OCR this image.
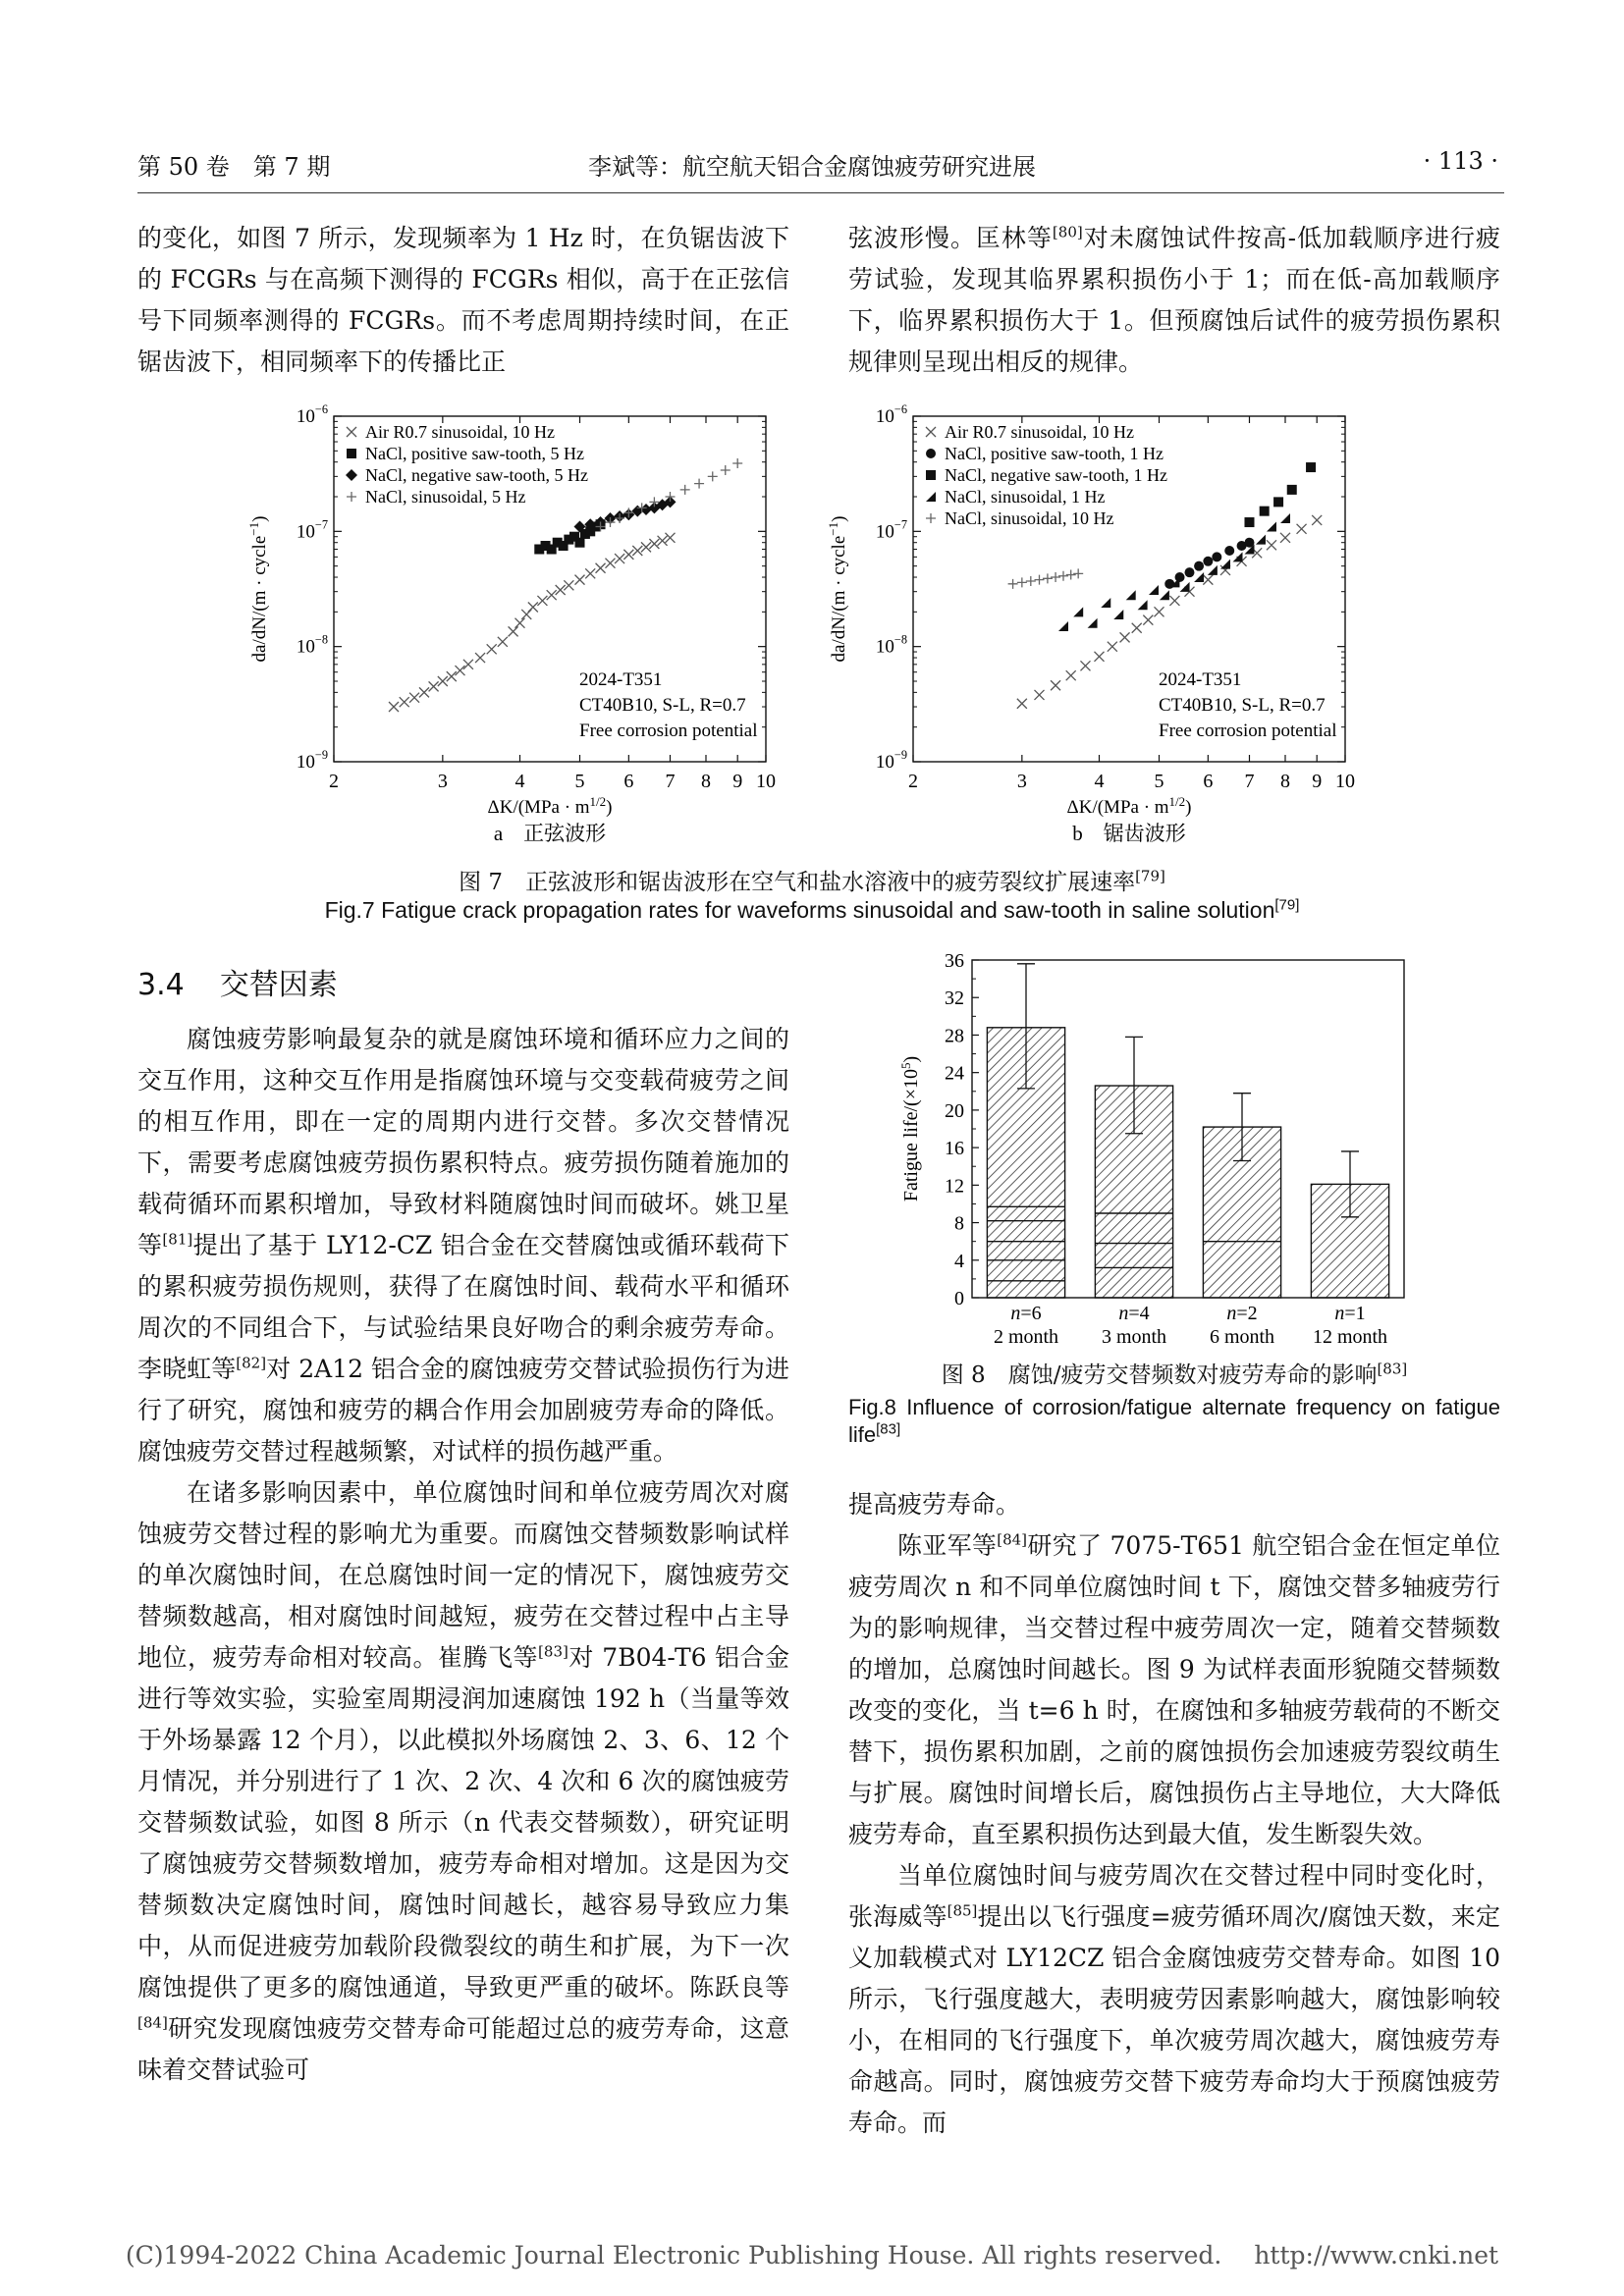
第 50 卷　第 7 期	李斌等：航空航天铝合金腐蚀疲劳研究进展	· 113 ·

的变化，如图 7 所示，发现频率为 1 Hz 时，在负锯齿波下的 FCGRs 与在高频下测得的 FCGRs 相似，高于在正弦信号下同频率测得的 FCGRs。而不考虑周期持续时间，在正锯齿波下，相同频率下的传播比正

弦波形慢。匡林等[80]对未腐蚀试件按高-低加载顺序进行疲劳试验，发现其临界累积损伤小于 1；而在低-高加载顺序下，临界累积损伤大于 1。但预腐蚀后试件的疲劳损伤累积规律则呈现出相反的规律。

2	3	4	5 6 7 8 9 10
$10^{-9}$
$10^{-8}$
$10^{-7}$
$10^{-6}$
$\Delta K/(MPa \cdot m^{1/2})$
da/dN/(m · cycle$^{-1}$)
a　正弦波形
Air R0.7 sinusoidal, 10 Hz
NaCl, positive saw-tooth, 5 Hz
NaCl, negative saw-tooth, 5 Hz
NaCl, sinusoidal, 5 Hz
2024-T351
CT40B10, S-L, R=0.7
Free corrosion potential
2	3	4	5 6 7 8 9 10
$10^{-9}$
$10^{-8}$
$10^{-7}$
$10^{-6}$
$\Delta K/(MPa \cdot m^{1/2})$
da/dN/(m · cycle$^{-1}$)
b　锯齿波形
Air R0.7 sinusoidal, 10 Hz
NaCl, positive saw-tooth, 1 Hz
NaCl, negative saw-tooth, 1 Hz
NaCl, sinusoidal, 1 Hz
NaCl, sinusoidal, 10 Hz
2024-T351
CT40B10, S-L, R=0.7
Free corrosion potential
图 7　正弦波形和锯齿波形在空气和盐水溶液中的疲劳裂纹扩展速率[79]
Fig.7 Fatigue crack propagation rates for waveforms sinusoidal and saw-tooth in saline solution[79]
3.4 交替因素

腐蚀疲劳影响最复杂的就是腐蚀环境和循环应力之间的交互作用，这种交互作用是指腐蚀环境与交变载荷疲劳之间的相互作用，即在一定的周期内进行交替。多次交替情况下，需要考虑腐蚀疲劳损伤累积特点。疲劳损伤随着施加的载荷循环而累积增加，导致材料随腐蚀时间而破坏。姚卫星等[81]提出了基于 LY12-CZ 铝合金在交替腐蚀或循环载荷下的累积疲劳损伤规则，获得了在腐蚀时间、载荷水平和循环周次的不同组合下，与试验结果良好吻合的剩余疲劳寿命。李晓虹等[82]对 2A12 铝合金的腐蚀疲劳交替试验损伤行为进行了研究，腐蚀和疲劳的耦合作用会加剧疲劳寿命的降低。腐蚀疲劳交替过程越频繁，对试样的损伤越严重。

在诸多影响因素中，单位腐蚀时间和单位疲劳周次对腐蚀疲劳交替过程的影响尤为重要。而腐蚀交替频数影响试样的单次腐蚀时间，在总腐蚀时间一定的情况下，腐蚀疲劳交替频数越高，相对腐蚀时间越短，疲劳在交替过程中占主导地位，疲劳寿命相对较高。崔腾飞等[83]对 7B04-T6 铝合金进行等效实验，实验室周期浸润加速腐蚀 192 h（当量等效于外场暴露 12 个月），以此模拟外场腐蚀 2、3、6、12 个月情况，并分别进行了 1 次、2 次、4 次和 6 次的腐蚀疲劳交替频数试验，如图 8 所示（n 代表交替频数），研究证明了腐蚀疲劳交替频数增加，疲劳寿命相对增加。这是因为交替频数决定腐蚀时间，腐蚀时间越长，越容易导致应力集中，从而促进疲劳加载阶段微裂纹的萌生和扩展，为下一次腐蚀提供了更多的腐蚀通道，导致更严重的破坏。陈跃良等[84]研究发现腐蚀疲劳交替寿命可能超过总的疲劳寿命，这意味着交替试验可

0
4
8
12
16
20
24
28
32
36
Fatigue life/$(\times 10^5)$
n=6
2 month
n=4
3 month
n=2
6 month
n=1
12 month
图 8　腐蚀/疲劳交替频数对疲劳寿命的影响[83]
Fig.8 Influence of corrosion/fatigue alternate frequency on fatigue life[83]

提高疲劳寿命。

陈亚军等[84]研究了 7075-T651 航空铝合金在恒定单位疲劳周次 n 和不同单位腐蚀时间 t 下，腐蚀交替多轴疲劳行为的影响规律，当交替过程中疲劳周次一定，随着交替频数的增加，总腐蚀时间越长。图 9 为试样表面形貌随交替频数改变的变化，当 t=6 h 时，在腐蚀和多轴疲劳载荷的不断交替下，损伤累积加剧，之前的腐蚀损伤会加速疲劳裂纹萌生与扩展。腐蚀时间增长后，腐蚀损伤占主导地位，大大降低疲劳寿命，直至累积损伤达到最大值，发生断裂失效。

当单位腐蚀时间与疲劳周次在交替过程中同时变化时，张海威等[85]提出以飞行强度=疲劳循环周次/腐蚀天数，来定义加载模式对 LY12CZ 铝合金腐蚀疲劳交替寿命。如图 10 所示，飞行强度越大，表明疲劳因素影响越大，腐蚀影响较小，在相同的飞行强度下，单次疲劳周次越大，腐蚀疲劳寿命越高。同时，腐蚀疲劳交替下疲劳寿命均大于预腐蚀疲劳寿命。而

(C)1994-2022 China Academic Journal Electronic Publishing House. All rights reserved.　 http://www.cnki.net
